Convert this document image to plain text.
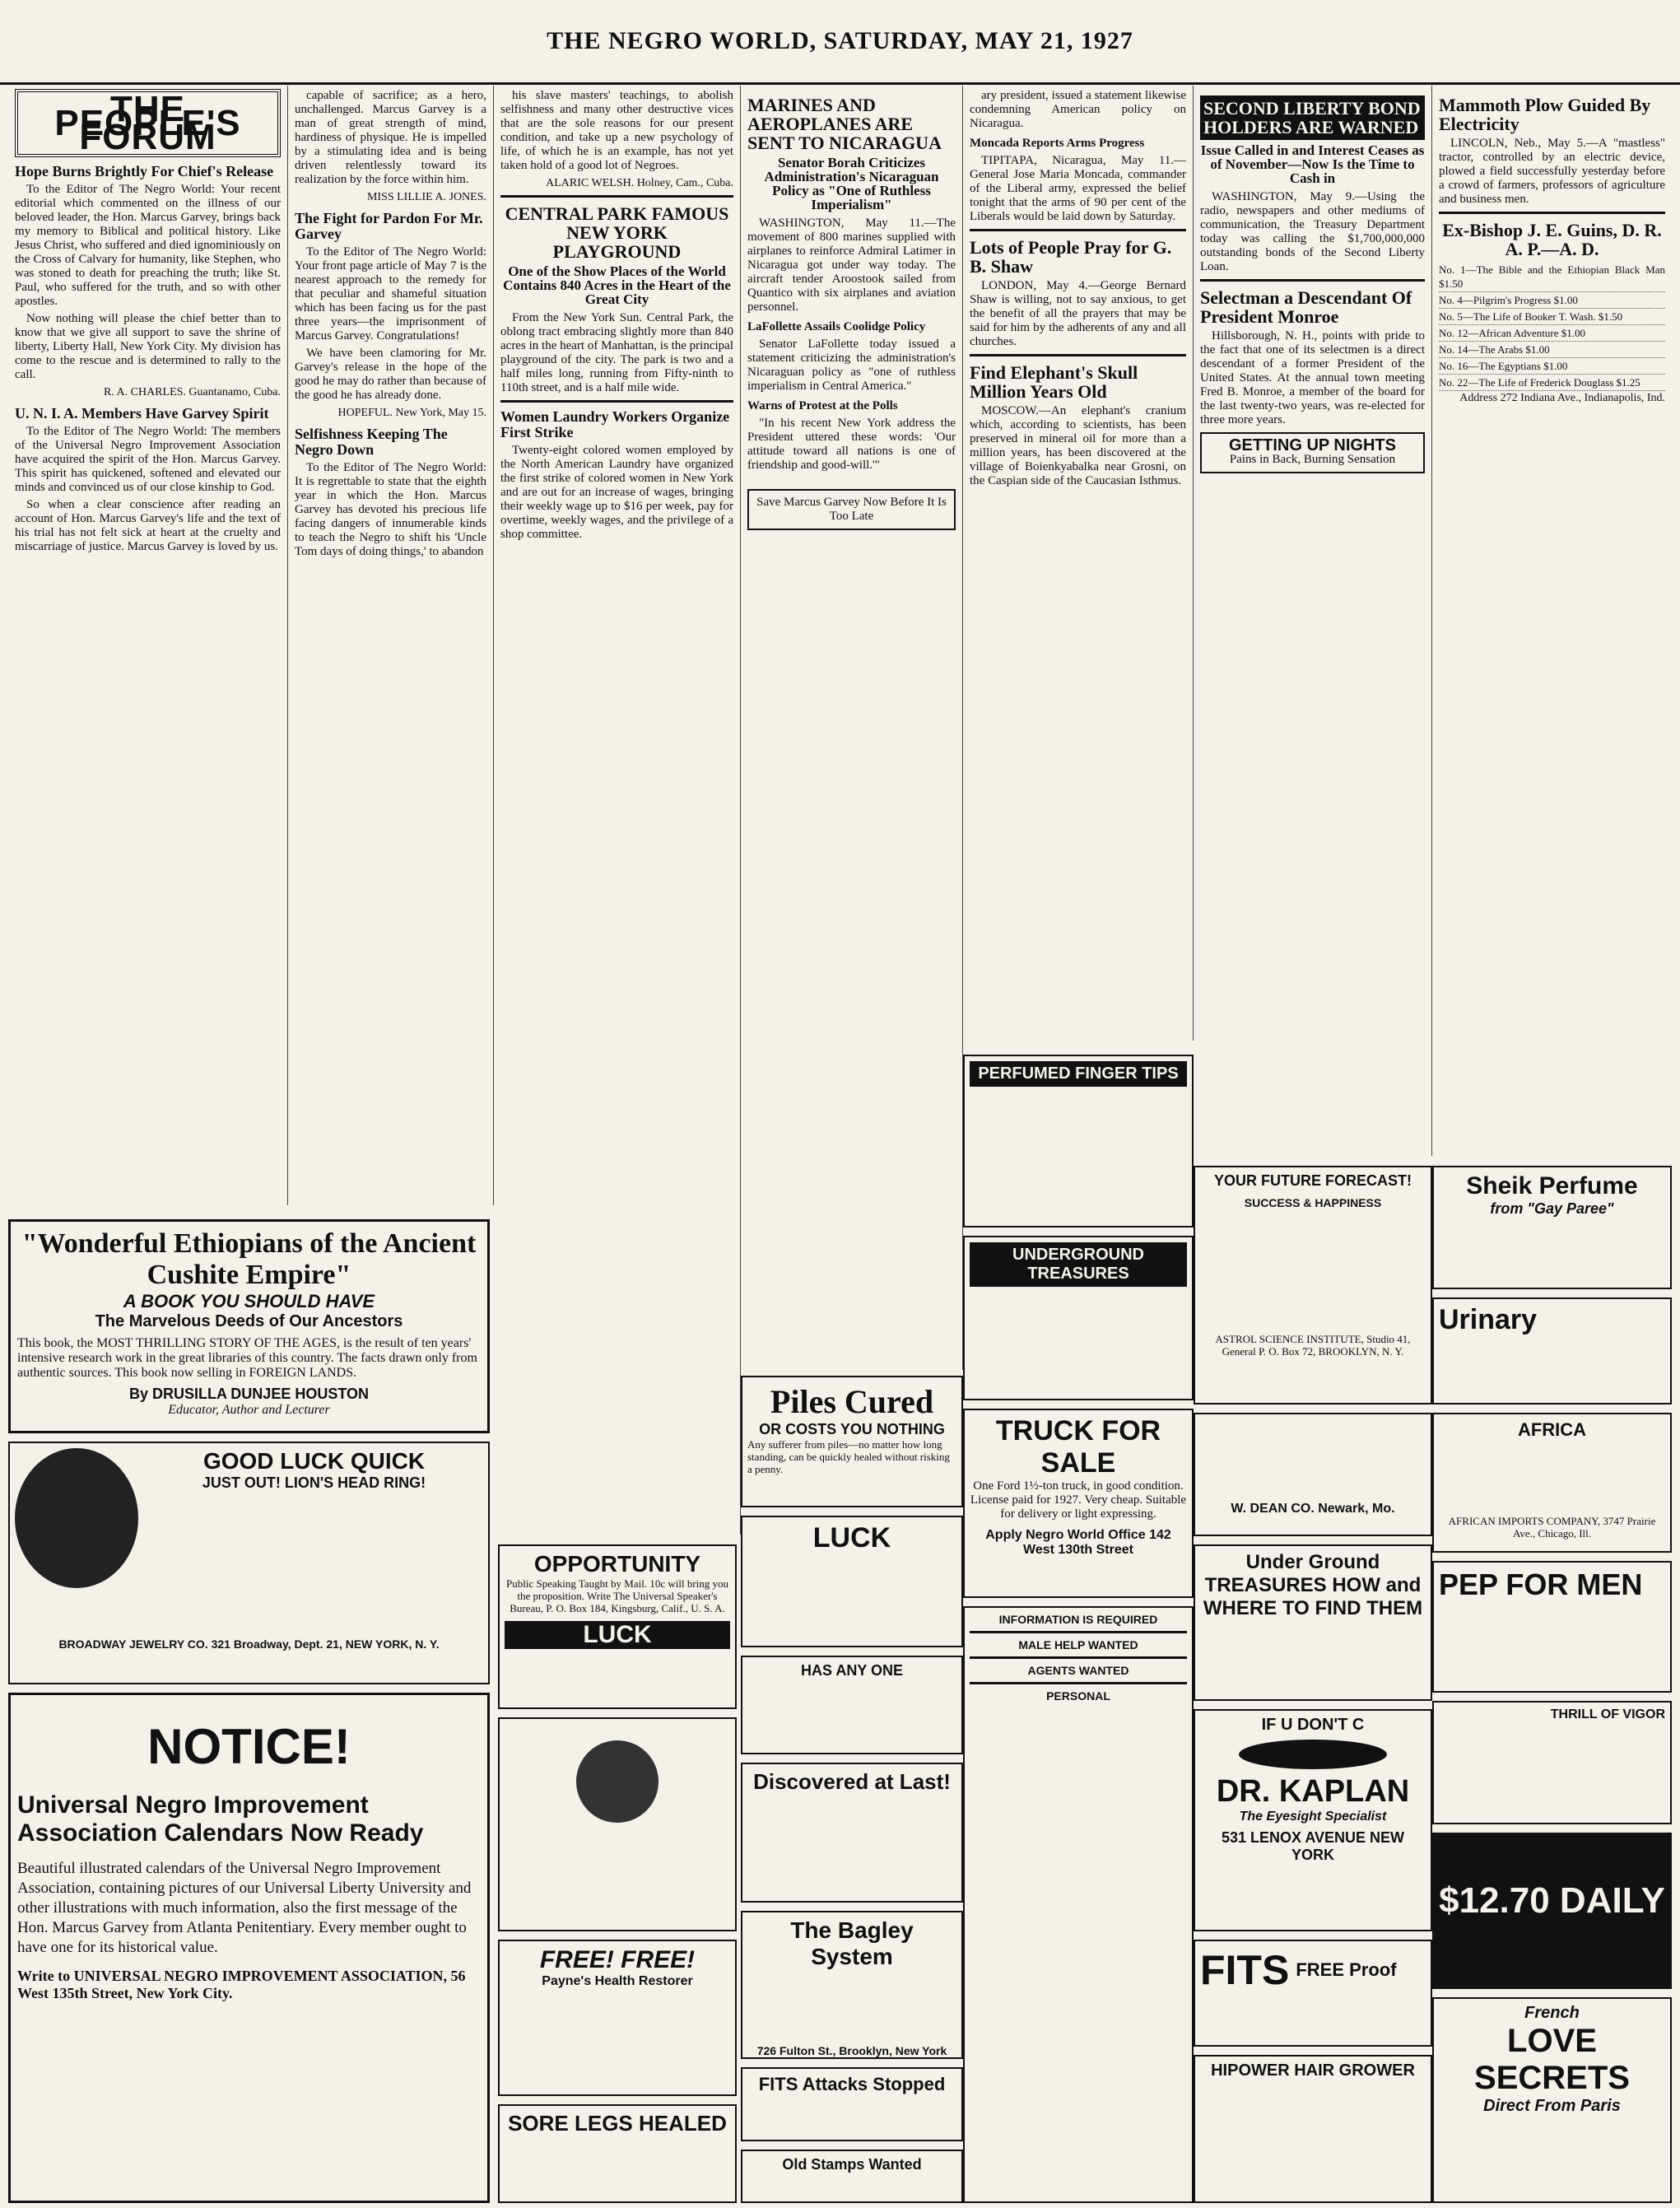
THE NEGRO WORLD, SATURDAY, MAY 21, 1927
THE PEOPLE'S FORUM
Hope Burns Brightly For Chief's Release

To the Editor of The Negro World: Your recent editorial which commented on the illness of our beloved leader, the Hon. Marcus Garvey, brings back my memory to Biblical and political history. Like Jesus Christ, who suffered and died ignominiously on the Cross of Calvary for humanity, like Stephen, who was stoned to death for preaching the truth; like St. Paul, who suffered for the truth, and so with other apostles.

Now nothing will please the chief better than to know that we give all support to save the shrine of liberty, Liberty Hall, New York City. My division has come to the rescue and is determined to rally to the call.

R. A. CHARLES. Guantanamo, Cuba.

U. N. I. A. Members Have Garvey Spirit

To the Editor of The Negro World: The members of the Universal Negro Improvement Association have acquired the spirit of the Hon. Marcus Garvey. This spirit has quickened, softened and elevated our minds and convinced us of our close kinship to God.

So when a clear conscience after reading an account of Hon. Marcus Garvey's life and the text of his trial has not felt sick at heart at the cruelty and miscarriage of justice. Marcus Garvey is loved by us.

capable of sacrifice; as a hero, unchallenged. Marcus Garvey is a man of great strength of mind, hardiness of physique. He is impelled by a stimulating idea and is being driven relentlessly toward its realization by the force within him.

MISS LILLIE A. JONES.

The Fight for Pardon For Mr. Garvey

To the Editor of The Negro World: Your front page article of May 7 is the nearest approach to the remedy for that peculiar and shameful situation which has been facing us for the past three years—the imprisonment of Marcus Garvey. Congratulations!

We have been clamoring for Mr. Garvey's release in the hope of the good he may do rather than because of the good he has already done.

HOPEFUL. New York, May 15.

Selfishness Keeping The Negro Down

To the Editor of The Negro World: It is regrettable to state that the eighth year in which the Hon. Marcus Garvey has devoted his precious life facing dangers of innumerable kinds to teach the Negro to shift his 'Uncle Tom days of doing things,' to abandon

his slave masters' teachings, to abolish selfishness and many other destructive vices that are the sole reasons for our present condition, and take up a new psychology of life, of which he is an example, has not yet taken hold of a good lot of Negroes.

ALARIC WELSH. Holney, Cam., Cuba.

CENTRAL PARK FAMOUS NEW YORK PLAYGROUND
One of the Show Places of the World Contains 840 Acres in the Heart of the Great City

From the New York Sun. Central Park, the oblong tract embracing slightly more than 840 acres in the heart of Manhattan, is the principal playground of the city. The park is two and a half miles long, running from Fifty-ninth to 110th street, and is a half mile wide.

Women Laundry Workers Organize First Strike

Twenty-eight colored women employed by the North American Laundry have organized the first strike of colored women in New York and are out for an increase of wages, bringing their weekly wage up to $16 per week, pay for overtime, weekly wages, and the privilege of a shop committee.

MARINES AND AEROPLANES ARE SENT TO NICARAGUA
Senator Borah Criticizes Administration's Nicaraguan Policy as "One of Ruthless Imperialism"

WASHINGTON, May 11.—The movement of 800 marines supplied with airplanes to reinforce Admiral Latimer in Nicaragua got under way today. The aircraft tender Aroostook sailed from Quantico with six airplanes and aviation personnel.

LaFollette Assails Coolidge Policy

Senator LaFollette today issued a statement criticizing the administration's Nicaraguan policy as "one of ruthless imperialism in Central America."

Warns of Protest at the Polls

"In his recent New York address the President uttered these words: 'Our attitude toward all nations is one of friendship and good-will.'"

Save Marcus Garvey Now Before It Is Too Late

ary president, issued a statement likewise condemning American policy on Nicaragua.

Moncada Reports Arms Progress

TIPITAPA, Nicaragua, May 11.—General Jose Maria Moncada, commander of the Liberal army, expressed the belief tonight that the arms of 90 per cent of the Liberals would be laid down by Saturday.

Lots of People Pray for G. B. Shaw

LONDON, May 4.—George Bernard Shaw is willing, not to say anxious, to get the benefit of all the prayers that may be said for him by the adherents of any and all churches.

Find Elephant's Skull Million Years Old

MOSCOW.—An elephant's cranium which, according to scientists, has been preserved in mineral oil for more than a million years, has been discovered at the village of Boienkyabalka near Grosni, on the Caspian side of the Caucasian Isthmus.

SECOND LIBERTY BOND HOLDERS ARE WARNED
Issue Called in and Interest Ceases as of November—Now Is the Time to Cash in

WASHINGTON, May 9.—Using the radio, newspapers and other mediums of communication, the Treasury Department today was calling the $1,700,000,000 outstanding bonds of the Second Liberty Loan.

Selectman a Descendant Of President Monroe

Hillsborough, N. H., points with pride to the fact that one of its selectmen is a direct descendant of a former President of the United States. At the annual town meeting Fred B. Monroe, a member of the board for the last twenty-two years, was re-elected for three more years.

GETTING UP NIGHTS
Pains in Back, Burning Sensation
Mammoth Plow Guided By Electricity

LINCOLN, Neb., May 5.—A "mastless" tractor, controlled by an electric device, plowed a field successfully yesterday before a crowd of farmers, professors of agriculture and business men.

Ex-Bishop J. E. Guins, D. R. A. P.—A. D.
No. 1—The Bible and the Ethiopian Black Man $1.50
No. 4—Pilgrim's Progress $1.00
No. 5—The Life of Booker T. Wash. $1.50
No. 12—African Adventure $1.00
No. 14—The Arabs $1.00
No. 16—The Egyptians $1.00
No. 22—The Life of Frederick Douglass $1.25

Address 272 Indiana Ave., Indianapolis, Ind.

"Wonderful Ethiopians of the Ancient Cushite Empire"
A BOOK YOU SHOULD HAVE
The Marvelous Deeds of Our Ancestors
This book, the MOST THRILLING STORY OF THE AGES, is the result of ten years' intensive research work in the great libraries of this country. The facts drawn only from authentic sources. This book now selling in FOREIGN LANDS.
By DRUSILLA DUNJEE HOUSTON
Educator, Author and Lecturer
GOOD LUCK QUICK
JUST OUT! LION'S HEAD RING!
BROADWAY JEWELRY CO. 321 Broadway, Dept. 21, NEW YORK, N. Y.
NOTICE!
Universal Negro Improvement Association Calendars Now Ready
Beautiful illustrated calendars of the Universal Negro Improvement Association, containing pictures of our Universal Liberty University and other illustrations with much information, also the first message of the Hon. Marcus Garvey from Atlanta Penitentiary. Every member ought to have one for its historical value.
Write to UNIVERSAL NEGRO IMPROVEMENT ASSOCIATION, 56 West 135th Street, New York City.
OPPORTUNITY
Public Speaking Taught by Mail. 10c will bring you the proposition. Write The Universal Speaker's Bureau, P. O. Box 184, Kingsburg, Calif., U. S. A.
LUCK
FREE! FREE!
Payne's Health Restorer
SORE LEGS HEALED
Piles Cured
OR COSTS YOU NOTHING
Any sufferer from piles—no matter how long standing, can be quickly healed without risking a penny.
LUCK
HAS ANY ONE
Discovered at Last!
The Bagley System
726 Fulton St., Brooklyn, New York
FITS Attacks Stopped
Old Stamps Wanted
PERFUMED FINGER TIPS
UNDERGROUND TREASURES
TRUCK FOR SALE
One Ford 1½-ton truck, in good condition. License paid for 1927. Very cheap. Suitable for delivery or light expressing.
Apply Negro World Office 142 West 130th Street
INFORMATION IS REQUIRED
MALE HELP WANTED
AGENTS WANTED
PERSONAL
YOUR FUTURE FORECAST!
SUCCESS & HAPPINESS
ASTROL SCIENCE INSTITUTE, Studio 41, General P. O. Box 72, BROOKLYN, N. Y.
W. DEAN CO. Newark, Mo.
Under Ground TREASURES HOW and WHERE TO FIND THEM
IF U DON'T C
DR. KAPLAN
The Eyesight Specialist
531 LENOX AVENUE NEW YORK
FITS FREE Proof
HIPOWER HAIR GROWER
Sheik Perfume
from "Gay Paree"
Urinary
AFRICA
AFRICAN IMPORTS COMPANY, 3747 Prairie Ave., Chicago, Ill.
PEP FOR MEN
THRILL OF VIGOR
$12.70 DAILY
French
LOVE SECRETS
Direct From Paris
